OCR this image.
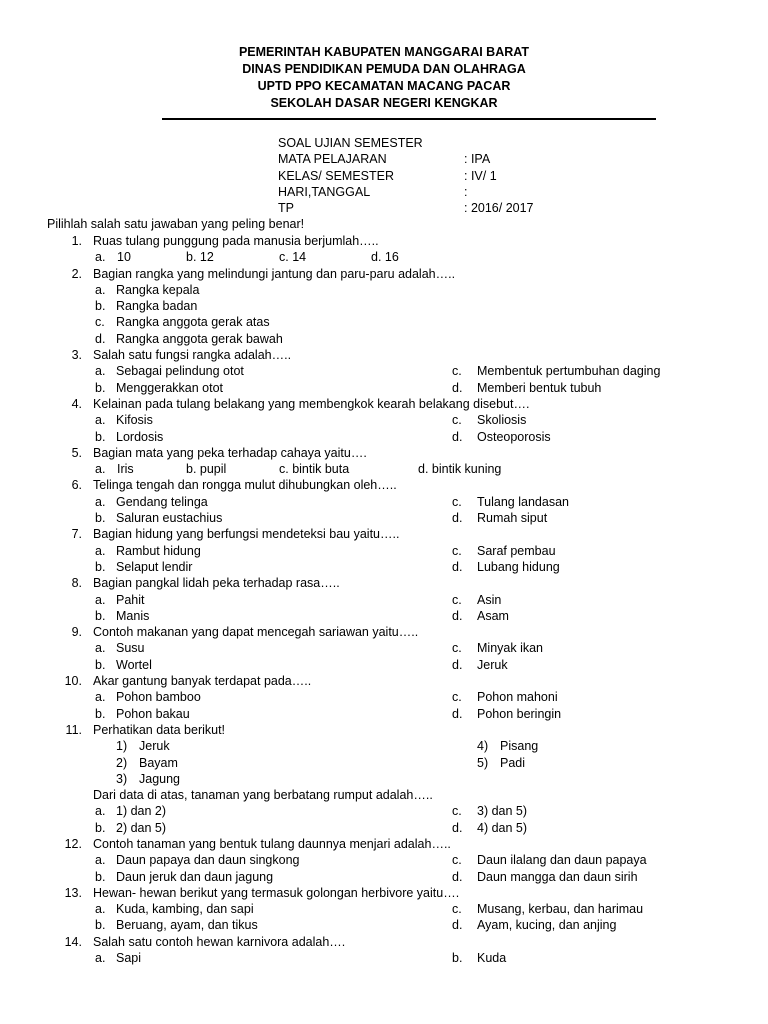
PEMERINTAH KABUPATEN MANGGARAI BARAT
DINAS PENDIDIKAN PEMUDA DAN OLAHRAGA
UPTD PPO KECAMATAN MACANG PACAR
SEKOLAH DASAR NEGERI KENGKAR
SOAL UJIAN SEMESTER
MATA PELAJARAN	: IPA
KELAS/ SEMESTER	: IV/ 1
HARI,TANGGAL	:
TP	: 2016/ 2017
Pilihlah salah satu jawaban yang peling benar!
1. Ruas tulang punggung pada manusia berjumlah…..
a. 10	b. 12	c. 14	d. 16
2. Bagian rangka yang melindungi jantung dan paru-paru adalah…..
a. Rangka kepala
b. Rangka badan
c. Rangka anggota gerak atas
d. Rangka anggota gerak bawah
3. Salah satu fungsi rangka adalah…..
a. Sebagai pelindung otot	c. Membentuk pertumbuhan daging
b. Menggerakkan otot	d. Memberi bentuk tubuh
4. Kelainan pada tulang belakang yang membengkok kearah belakang disebut….
a. Kifosis	c. Skoliosis
b. Lordosis	d. Osteoporosis
5. Bagian mata yang peka terhadap cahaya yaitu….
a. Iris	b. pupil	c. bintik buta	d. bintik kuning
6. Telinga tengah dan rongga mulut dihubungkan oleh…..
a. Gendang telinga	c. Tulang landasan
b. Saluran eustachius	d. Rumah siput
7. Bagian hidung yang berfungsi mendeteksi bau yaitu…..
a. Rambut hidung	c. Saraf pembau
b. Selaput lendir	d. Lubang hidung
8. Bagian pangkal lidah peka terhadap rasa…..
a. Pahit	c. Asin
b. Manis	d. Asam
9. Contoh makanan yang dapat mencegah sariawan yaitu…..
a. Susu	c. Minyak ikan
b. Wortel	d. Jeruk
10. Akar gantung banyak terdapat pada…..
a. Pohon bamboo	c. Pohon mahoni
b. Pohon bakau	d. Pohon beringin
11. Perhatikan data berikut!
1) Jeruk	4) Pisang
2) Bayam	5) Padi
3) Jagung
Dari data di atas, tanaman yang berbatang rumput adalah…..
a. 1) dan 2)	c. 3) dan 5)
b. 2) dan 5)	d. 4) dan 5)
12. Contoh tanaman yang bentuk tulang daunnya menjari adalah…..
a. Daun papaya dan daun singkong	c. Daun ilalang dan daun papaya
b. Daun jeruk dan daun jagung	d. Daun mangga dan daun sirih
13. Hewan- hewan berikut yang termasuk golongan herbivore yaitu….
a. Kuda, kambing, dan sapi	c. Musang, kerbau, dan harimau
b. Beruang, ayam, dan tikus	d. Ayam, kucing, dan anjing
14. Salah satu contoh hewan karnivora adalah….
a. Sapi	b. Kuda
